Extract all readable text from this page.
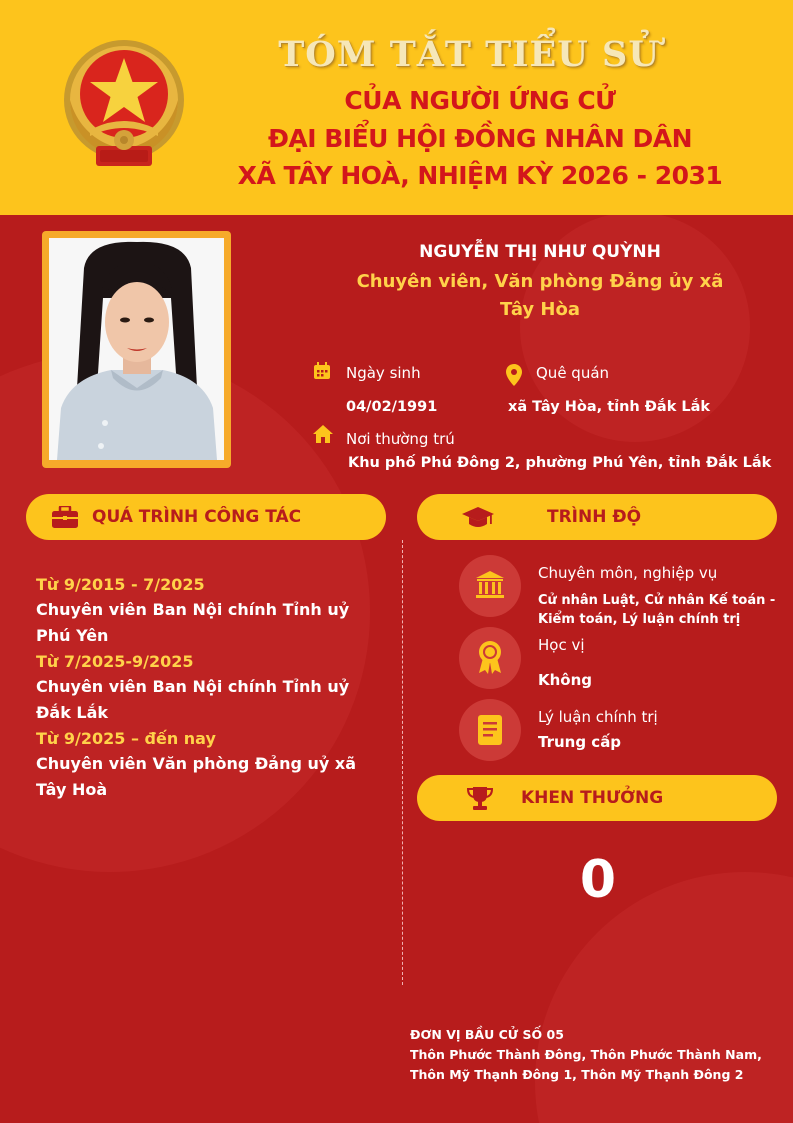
TÓM TẮT TIỂU SỬ
CỦA NGƯỜI ỨNG CỬ
ĐẠI BIỂU HỘI ĐỒNG NHÂN DÂN
XÃ TÂY HOÀ, NHIỆM KỲ 2026 - 2031
NGUYỄN THỊ NHƯ QUỲNH
Chuyên viên, Văn phòng Đảng ủy xã
Tây Hòa
Ngày sinh
04/02/1991
Quê quán
xã Tây Hòa, tỉnh Đắk Lắk
Nơi thường trú
Khu phố Phú Đông 2, phường Phú Yên, tỉnh Đắk Lắk
QUÁ TRÌNH CÔNG TÁC
Từ 9/2015 - 7/2025
Chuyên viên Ban Nội chính Tỉnh uỷ
Phú Yên
Từ 7/2025-9/2025
Chuyên viên Ban Nội chính Tỉnh uỷ
Đắk Lắk
Từ 9/2025 – đến nay
Chuyên viên Văn phòng Đảng uỷ xã
Tây Hoà
TRÌNH ĐỘ
Chuyên môn, nghiệp vụ
Cử nhân Luật, Cử nhân Kế toán -
Kiểm toán, Lý luận chính trị
Học vị
Không
Lý luận chính trị
Trung cấp
KHEN THƯỞNG
0
ĐƠN VỊ BẦU CỬ SỐ 05
Thôn Phước Thành Đông, Thôn Phước Thành Nam,
Thôn Mỹ Thạnh Đông 1, Thôn Mỹ Thạnh Đông 2
